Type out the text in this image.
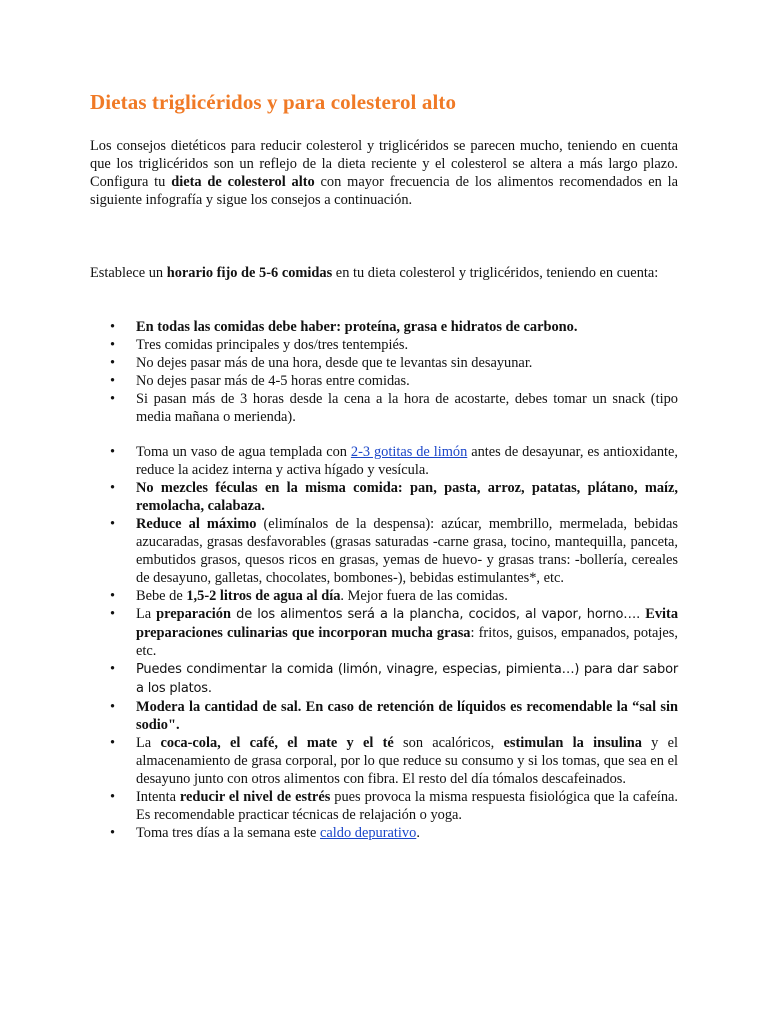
Dietas triglicéridos y para colesterol alto

Los consejos dietéticos para reducir colesterol y triglicéridos se parecen mucho, teniendo en cuenta que los triglicéridos son un reflejo de la dieta reciente y el colesterol se altera a más largo plazo. Configura tu dieta de colesterol alto con mayor frecuencia de los alimentos recomendados en la siguiente infografía y sigue los consejos a continuación.

Establece un horario fijo de 5-6 comidas en tu dieta colesterol y triglicéridos, teniendo en cuenta:

• En todas las comidas debe haber: proteína, grasa e hidratos de carbono.
• Tres comidas principales y dos/tres tentempiés.
• No dejes pasar más de una hora, desde que te levantas sin desayunar.
• No dejes pasar más de 4-5 horas entre comidas.
• Si pasan más de 3 horas desde la cena a la hora de acostarte, debes tomar un snack (tipo media mañana o merienda).
• Toma un vaso de agua templada con 2-3 gotitas de limón antes de desayunar, es antioxidante, reduce la acidez interna y activa hígado y vesícula.
• No mezcles féculas en la misma comida: pan, pasta, arroz, patatas, plátano, maíz, remolacha, calabaza.
• Reduce al máximo (elimínalos de la despensa): azúcar, membrillo, mermelada, bebidas azucaradas, grasas desfavorables (grasas saturadas -carne grasa, tocino, mantequilla, panceta, embutidos grasos, quesos ricos en grasas, yemas de huevo- y grasas trans: -bollería, cereales de desayuno, galletas, chocolates, bombones-), bebidas estimulantes*, etc.
• Bebe de 1,5-2 litros de agua al día. Mejor fuera de las comidas.
• La preparación de los alimentos será a la plancha, cocidos, al vapor, horno…. Evita preparaciones culinarias que incorporan mucha grasa: fritos, guisos, empanados, potajes, etc.
• Puedes condimentar la comida (limón, vinagre, especias, pimienta…) para dar sabor a los platos.
• Modera la cantidad de sal. En caso de retención de líquidos es recomendable la “sal sin sodio".
• La coca-cola, el café, el mate y el té son acalóricos, estimulan la insulina y el almacenamiento de grasa corporal, por lo que reduce su consumo y si los tomas, que sea en el desayuno junto con otros alimentos con fibra. El resto del día tómalos descafeinados.
• Intenta reducir el nivel de estrés pues provoca la misma respuesta fisiológica que la cafeína. Es recomendable practicar técnicas de relajación o yoga.
• Toma tres días a la semana este caldo depurativo.
